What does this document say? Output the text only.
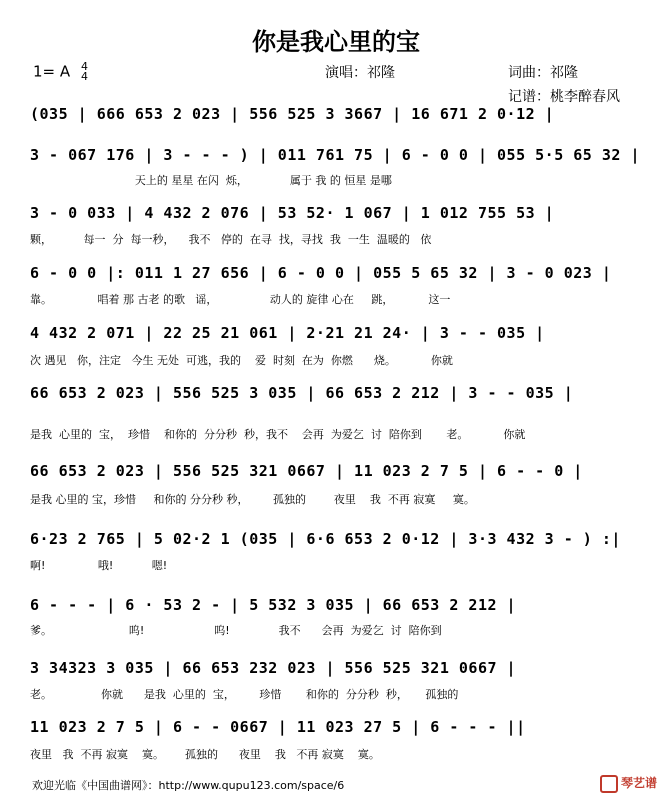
你是我心里的宝
1= A 4
4	演唱：祁隆	词曲：祁隆
记谱：桃李醉春风
(035 | 666 653 2 023 | 556 525 3 3667 | 16 671 2 0·12 |
3 - 067 176 | 3 - - - ) | 011 761 75 | 6 - 0 0 | 055 5·5 65 32 |
天上的 星星 在闪  烁，            属于 我 的 恒星 是哪
3 - 0 033 | 4 432 2 076 | 53 52· 1 067 | 1 012 755 53 |
颗，         每一  分  每一秒，    我不   停的  在寻  找，寻找  我  一生  温暖的   依
6 - 0 0 |: 011 1 27 656 | 6 - 0 0 | 055 5 65 32 | 3 - 0 023 |
靠。             唱着 那 古老 的歌   谣，               动人的 旋律 心在     跳，          这一
4 432 2 071 | 22 25 21 061 | 2·21 21 24· | 3 - - 035 |
次 遇见   你，注定   今生 无处  可逃，我的    爱  时刻  在为  你燃      烧。          你就
66 653 2 023 | 556 525 3 035 | 66 653 2 212 | 3 - - 035 |
是我  心里的  宝，  珍惜    和你的  分分秒  秒，我不    会再  为爱乞  讨  陪你到       老。          你就
66 653 2 023 | 556 525 321 0667 | 11 023 2 7 5 | 6 - - 0 |
是我 心里的 宝，珍惜     和你的 分分秒 秒，       孤独的        夜里    我  不再 寂寞     寞。
6·23 2 765 | 5 02·2 1 (035 | 6·6 653 2 0·12 | 3·3 432 3 - ) :|
啊!               哦!           嗯!
6 - - - | 6 · 53 2 - | 5 532 3 035 | 66 653 2 212 |
爹。                      呜!                    呜!              我不      会再  为爱乞  讨  陪你到
3 34323 3 035 | 66 653 232 023 | 556 525 321 0667 |
老。              你就      是我  心里的  宝，       珍惜       和你的  分分秒  秒，     孤独的
11 023 2 7 5 | 6 - - 0667 | 11 023 27 5 | 6 - - - ||
夜里   我  不再 寂寞    寞。      孤独的      夜里    我   不再 寂寞    寞。
欢迎光临《中国曲谱网》：http://www.qupu123.com/space/6	琴艺谱
